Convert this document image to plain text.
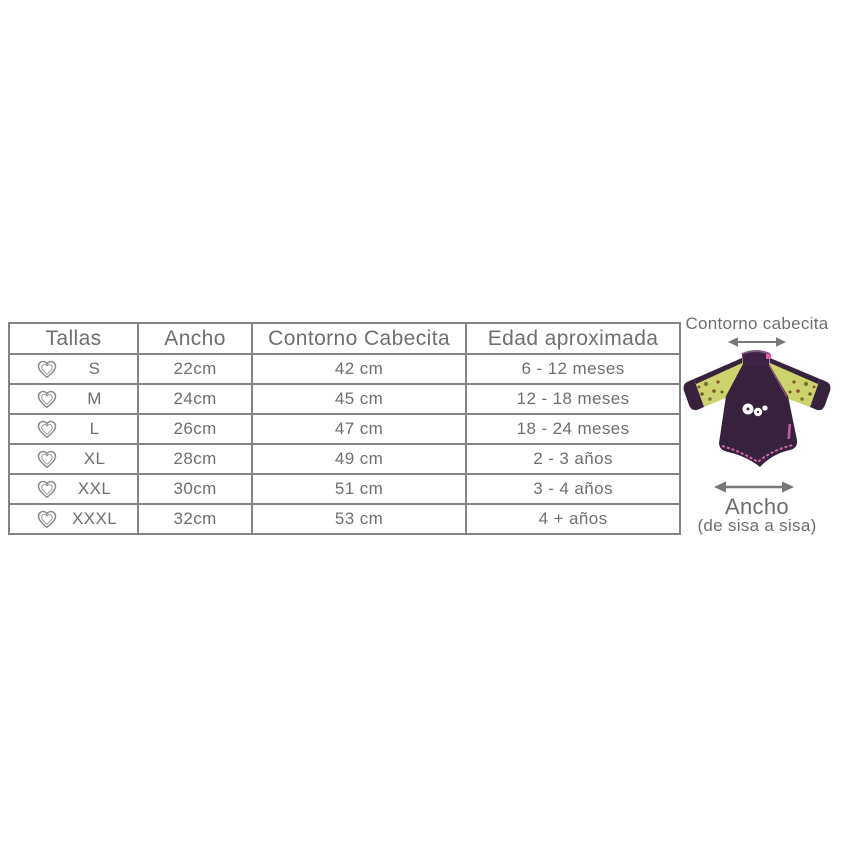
Tallas	Ancho	Contorno Cabecita	Edad aproximada

S	22cm	42 cm	6 - 12 meses

M	24cm	45 cm	12 - 18 meses

L	26cm	47 cm	18 - 24 meses

XL	28cm	49 cm	2 - 3 años

XXL	30cm	51 cm	3 - 4 años

XXXL	32cm	53 cm	4 + años
Contorno cabecita
Ancho
(de sisa a sisa)
